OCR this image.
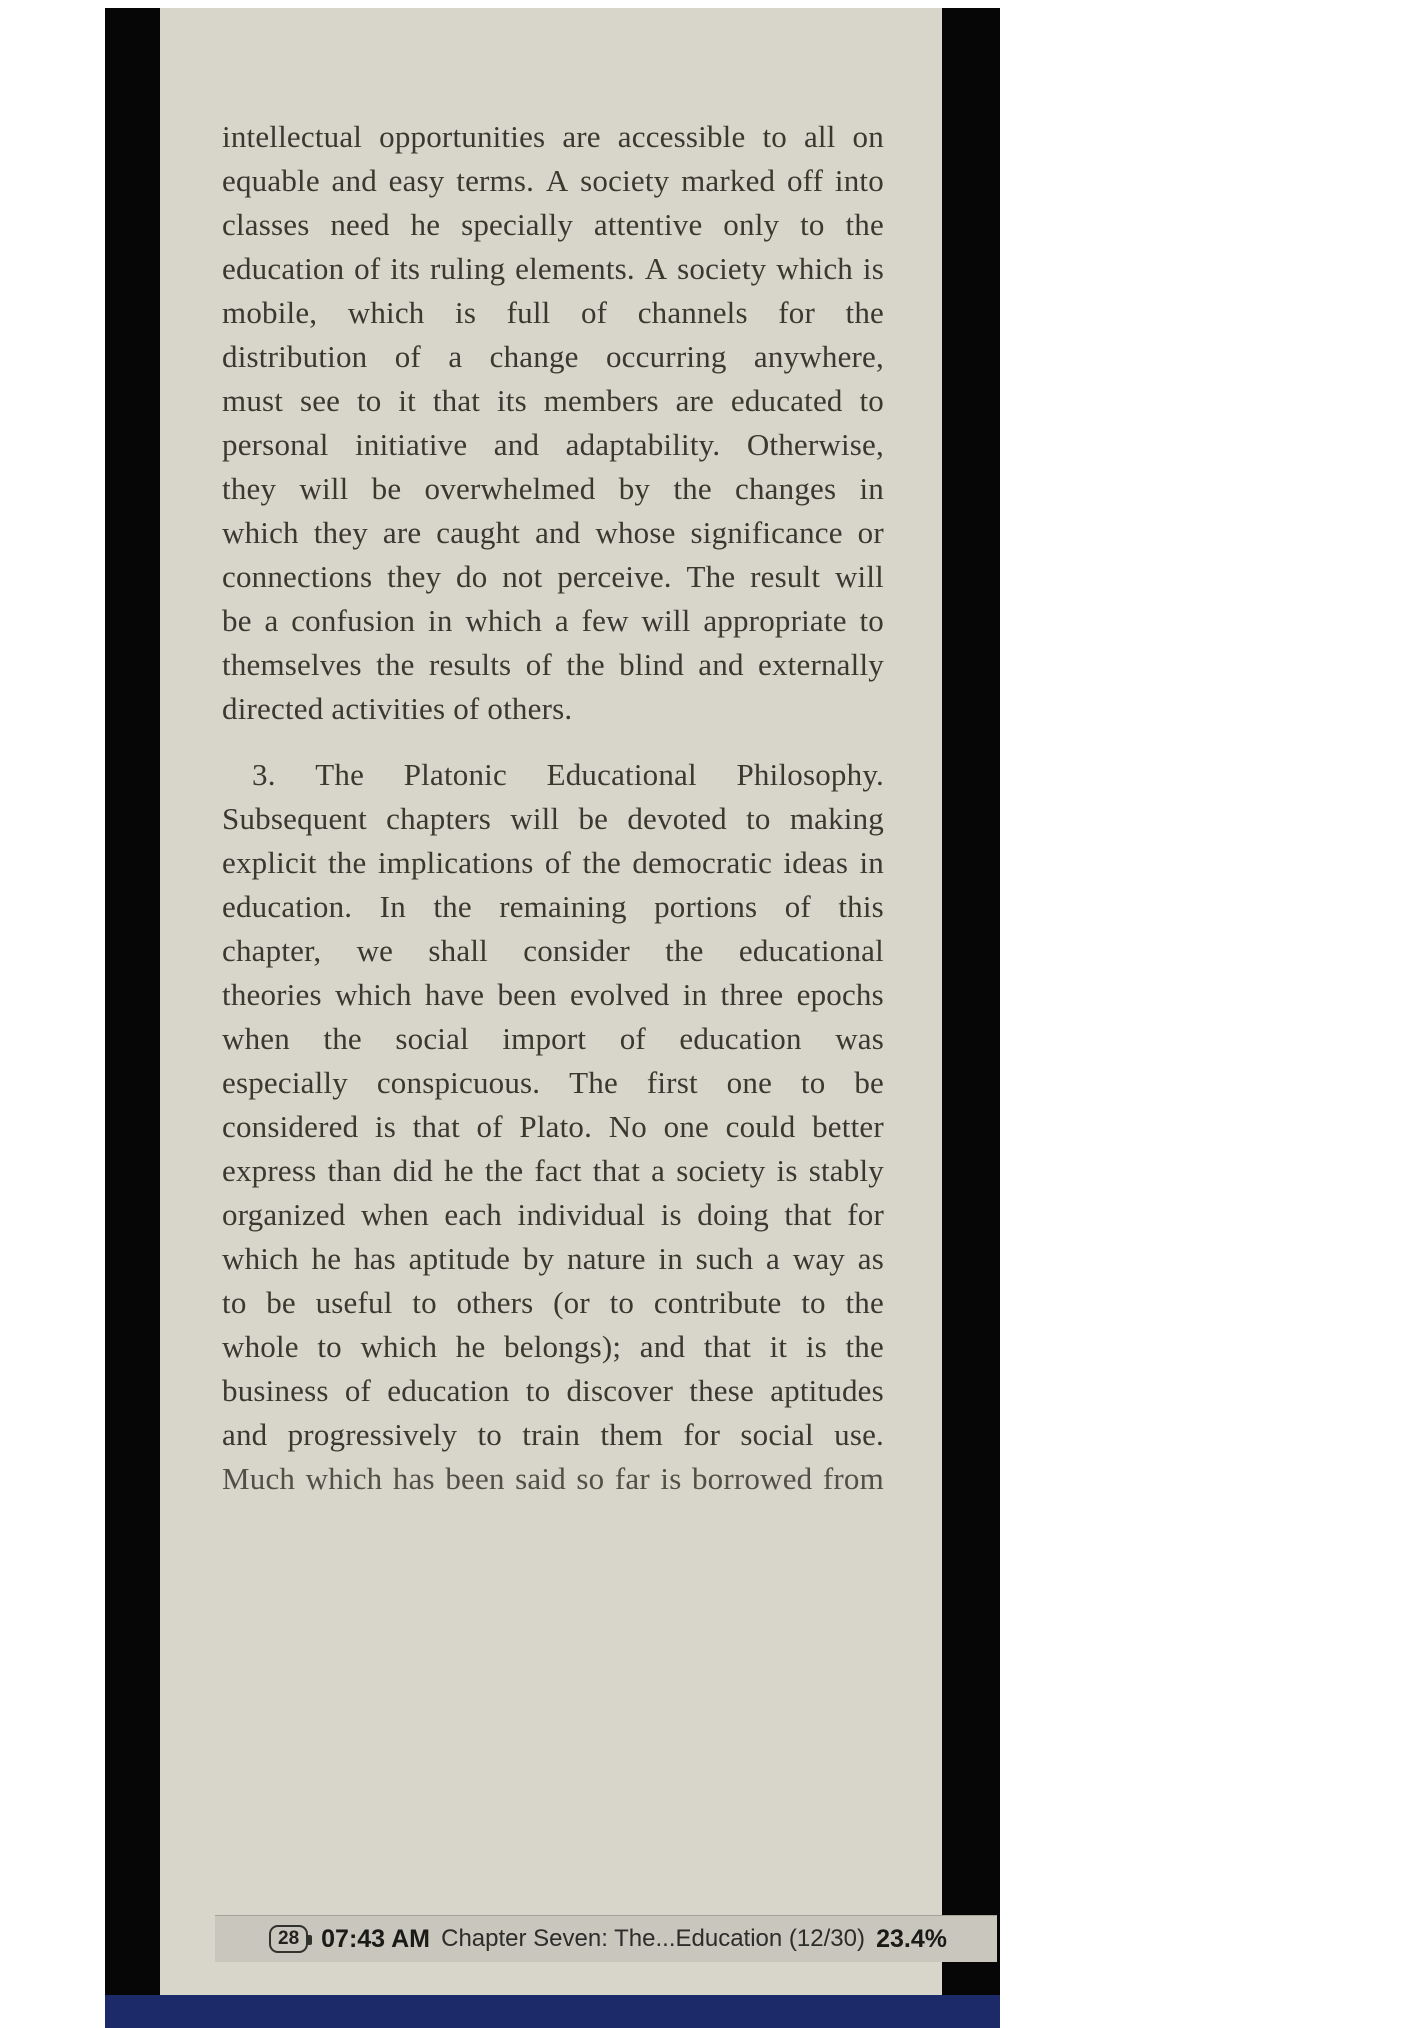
intellectual opportunities are accessible to all on
equable and easy terms. A society marked off into
classes need he specially attentive only to the
education of its ruling elements. A society which is
mobile, which is full of channels for the
distribution of a change occurring anywhere,
must see to it that its members are educated to
personal initiative and adaptability. Otherwise,
they will be overwhelmed by the changes in
which they are caught and whose significance or
connections they do not perceive. The result will
be a confusion in which a few will appropriate to
themselves the results of the blind and externally
directed activities of others.
3. The Platonic Educational Philosophy.
Subsequent chapters will be devoted to making
explicit the implications of the democratic ideas in
education. In the remaining portions of this
chapter, we shall consider the educational
theories which have been evolved in three epochs
when the social import of education was
especially conspicuous. The first one to be
considered is that of Plato. No one could better
express than did he the fact that a society is stably
organized when each individual is doing that for
which he has aptitude by nature in such a way as
to be useful to others (or to contribute to the
whole to which he belongs); and that it is the
business of education to discover these aptitudes
and progressively to train them for social use.
Much which has been said so far is borrowed from
28 07:43 AM Chapter Seven: The...Education (12/30) 23.4%
